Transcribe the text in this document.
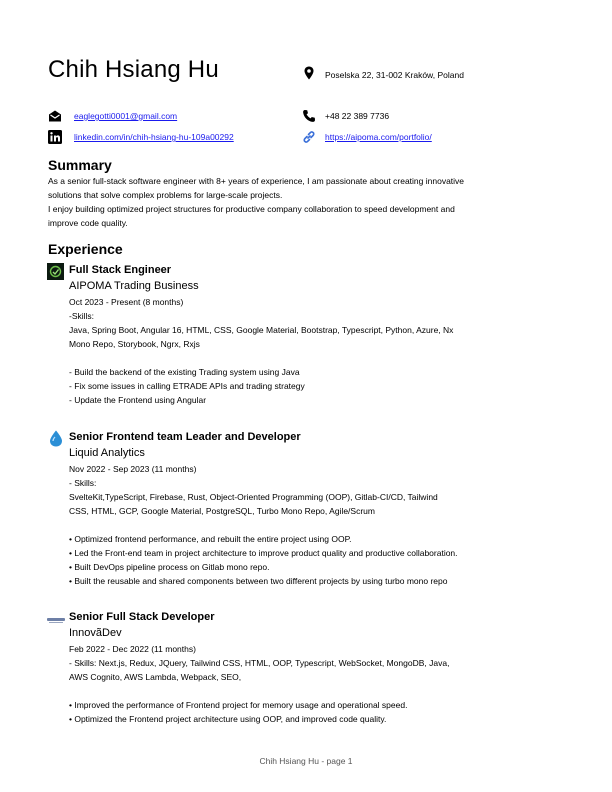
Chih Hsiang Hu	Poselska 22, 31-002 Kraków, Poland
eaglegotti0001@gmail.com	+48 22 389 7736
linkedin.com/in/chih-hsiang-hu-109a00292	https://aipoma.com/portfolio/
Summary
As a senior full-stack software engineer with 8+ years of experience, I am passionate about creating innovative
solutions that solve complex problems for large-scale projects.
I enjoy building optimized project structures for productive company collaboration to speed development and
improve code quality.
Experience
Full Stack Engineer
AIPOMA Trading Business
Oct 2023 - Present (8 months)
-Skills:
Java, Spring Boot, Angular 16, HTML, CSS, Google Material, Bootstrap, Typescript, Python, Azure, Nx
Mono Repo, Storybook, Ngrx, Rxjs
- Build the backend of the existing Trading system using Java
- Fix some issues in calling ETRADE APIs and trading strategy
- Update the Frontend using Angular
Senior Frontend team Leader and Developer
Liquid Analytics
Nov 2022 - Sep 2023 (11 months)
- Skills:
SvelteKit,TypeScript, Firebase, Rust, Object-Oriented Programming (OOP), Gitlab-CI/CD, Tailwind
CSS, HTML, GCP, Google Material, PostgreSQL, Turbo Mono Repo, Agile/Scrum
• Optimized frontend performance, and rebuilt the entire project using OOP.
• Led the Front-end team in project architecture to improve product quality and productive collaboration.
• Built DevOps pipeline process on Gitlab mono repo.
• Built the reusable and shared components between two different projects by using turbo mono repo
Senior Full Stack Developer
InnovãDev
Feb 2022 - Dec 2022 (11 months)
- Skills: Next.js, Redux, JQuery, Tailwind CSS, HTML, OOP, Typescript, WebSocket, MongoDB, Java,
AWS Cognito, AWS Lambda, Webpack, SEO,
• Improved the performance of Frontend project for memory usage and operational speed.
• Optimized the Frontend project architecture using OOP, and improved code quality.
Chih Hsiang Hu - page 1
